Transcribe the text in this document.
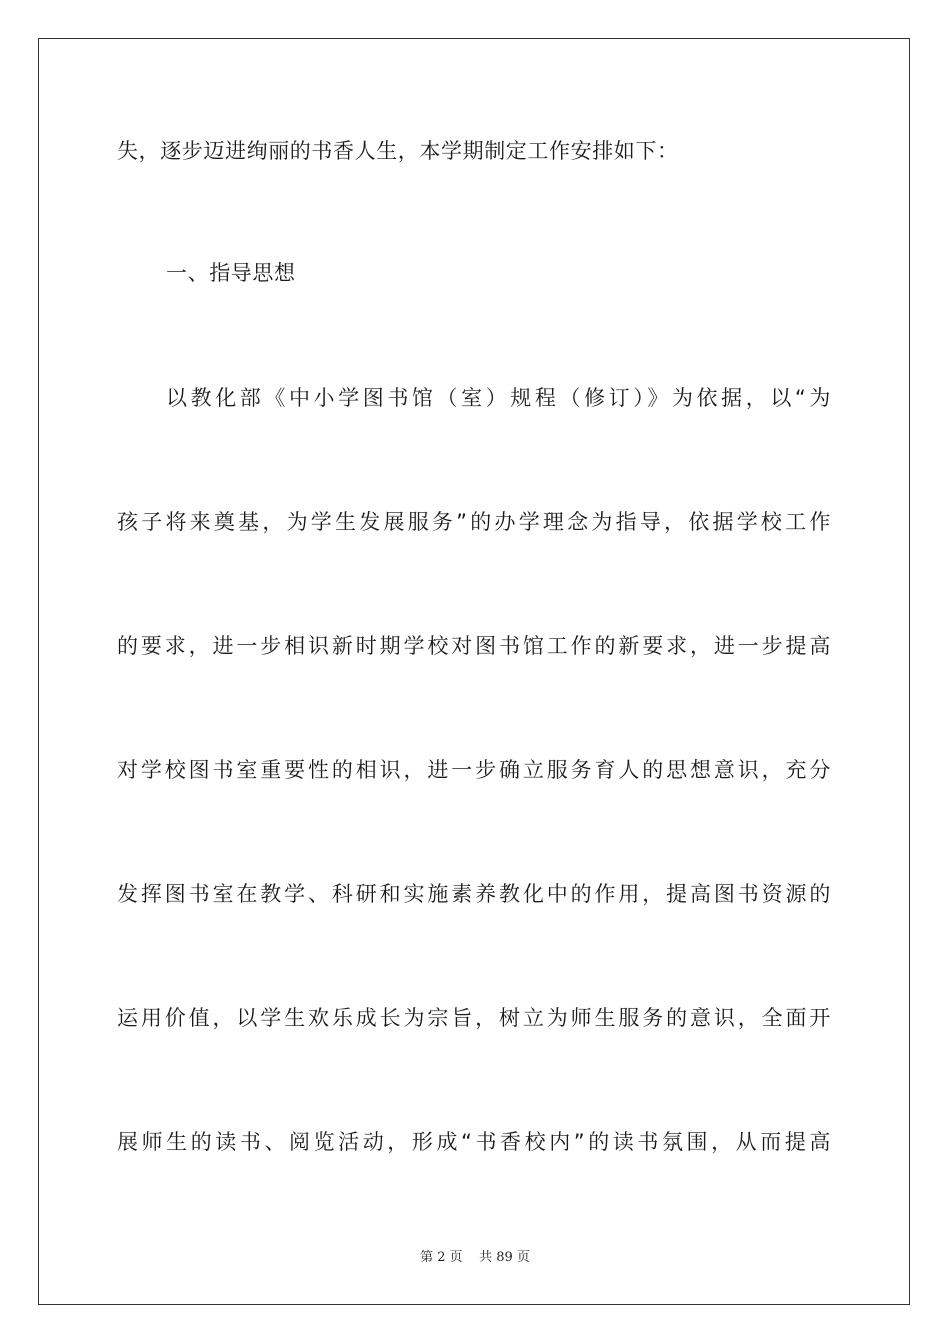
失，逐步迈进绚丽的书香人生，本学期制定工作安排如下：
一、指导思想
以教化部《中小学图书馆（室）规程（修订）》为依据，以“为
孩子将来奠基，为学生发展服务”的办学理念为指导，依据学校工作
的要求，进一步相识新时期学校对图书馆工作的新要求，进一步提高
对学校图书室重要性的相识，进一步确立服务育人的思想意识，充分
发挥图书室在教学、科研和实施素养教化中的作用，提高图书资源的
运用价值，以学生欢乐成长为宗旨，树立为师生服务的意识，全面开
展师生的读书、阅览活动，形成“书香校内”的读书氛围，从而提高
第 2 页    共 89 页
